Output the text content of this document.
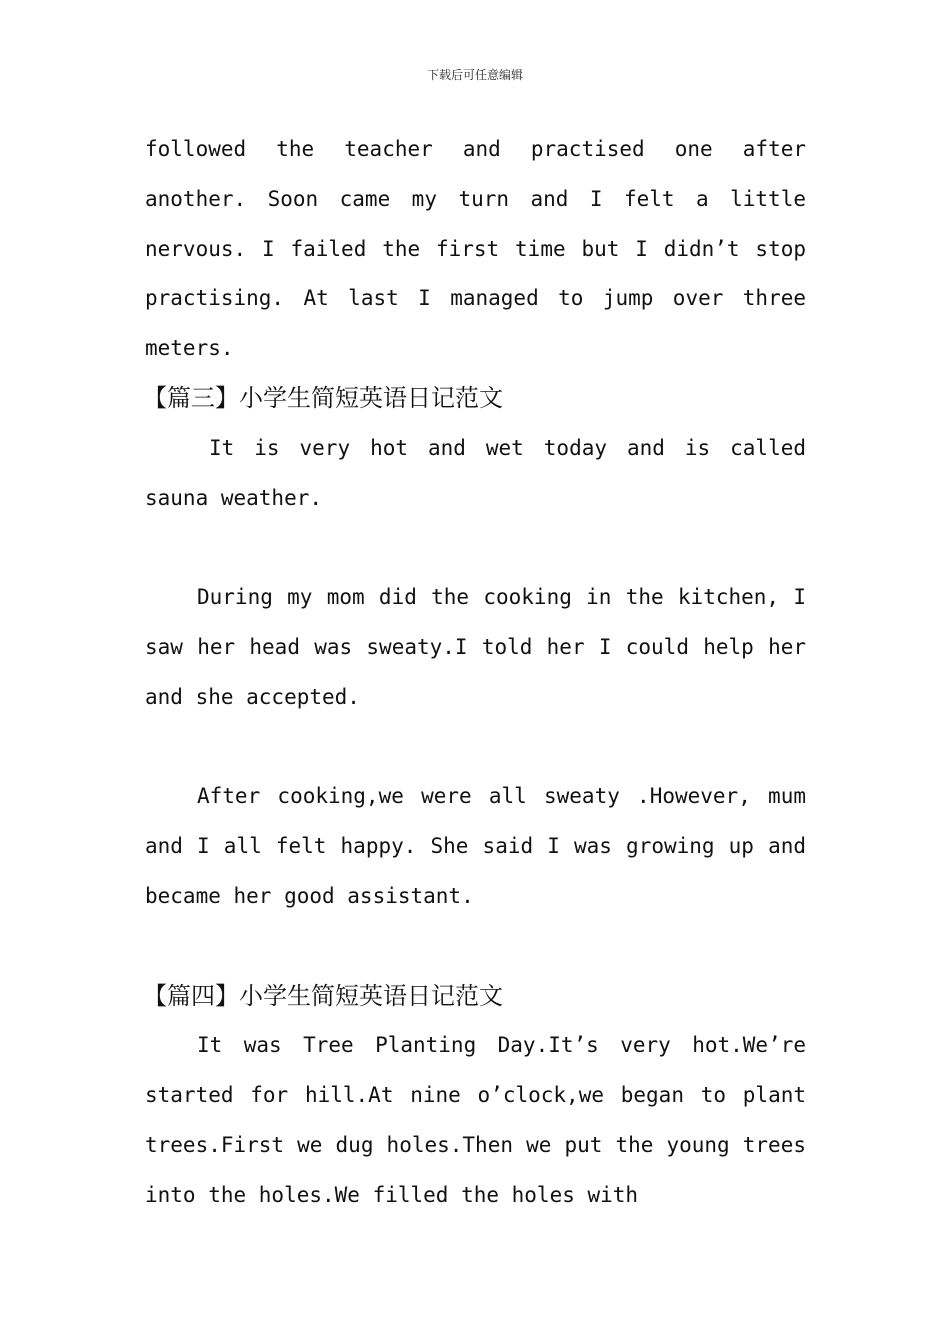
下载后可任意编辑

followed the teacher and practised one after another. Soon came my turn and I felt a little nervous. I failed the first time but I didn’t stop practising. At last I managed to jump over three meters.

【篇三】小学生简短英语日记范文

It is very hot and wet today and is called sauna weather.

During my mom did the cooking in the kitchen, I saw her head was sweaty.I told her I could help her and she accepted.

After cooking,we were all sweaty .However, mum and I all felt happy. She said I was growing up and became her good assistant.

【篇四】小学生简短英语日记范文

It was Tree Planting Day.It’s very hot.We’re started for hill.At nine o’clock,we began to plant trees.First we dug holes.Then we put the young trees into the holes.We filled the holes with
